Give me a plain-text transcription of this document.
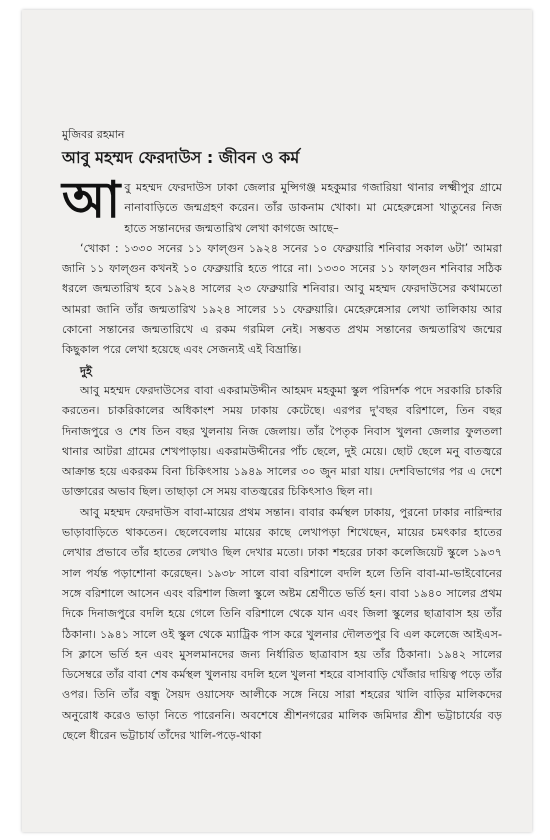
মুজিবর রহমান
আবু মহম্মদ ফেরদাউস : জীবন ও কর্ম

আবু মহম্মদ ফেরদাউস ঢাকা জেলার মুন্সিগঞ্জ মহকুমার গজারিয়া থানার লক্ষ্মীপুর গ্রামে নানাবাড়িতে জন্মগ্রহণ করেন। তাঁর ডাকনাম খোকা। মা মেহেরুন্নেসা খাতুনের নিজ হাতে সন্তানদের জন্মতারিখ লেখা কাগজে আছে–

‘খোকা : ১৩৩০ সনের ১১ ফাল্গুন ১৯২৪ সনের ১০ ফেব্রুয়ারি শনিবার সকাল ৬টা’ আমরা জানি ১১ ফাল্গুন কখনই ১০ ফেব্রুয়ারি হতে পারে না। ১৩৩০ সনের ১১ ফাল্গুন শনিবার সঠিক ধরলে জন্মতারিখ হবে ১৯২৪ সালের ২৩ ফেব্রুয়ারি শনিবার। আবু মহম্মদ ফেরদাউসের কথামতো আমরা জানি তাঁর জন্মতারিখ ১৯২৪ সালের ১১ ফেব্রুয়ারি। মেহেরুন্নেসার লেখা তালিকায় আর কোনো সন্তানের জন্মতারিখে এ রকম গরমিল নেই। সম্ভবত প্রথম সন্তানের জন্মতারিখ জন্মের কিছুকাল পরে লেখা হয়েছে এবং সেজন্যই এই বিভ্রান্তি।

দুই

আবু মহম্মদ ফেরদাউসের বাবা একরামউদ্দীন আহমদ মহকুমা স্কুল পরিদর্শক পদে সরকারি চাকরি করতেন। চাকরিকালের অধিকাংশ সময় ঢাকায় কেটেছে। এরপর দু'বছর বরিশালে, তিন বছর দিনাজপুরে ও শেষ তিন বছর খুলনায় নিজ জেলায়। তাঁর পৈতৃক নিবাস খুলনা জেলার ফুলতলা থানার আটরা গ্রামের শেখপাড়ায়। একরামউদ্দীনের পাঁচ ছেলে, দুই মেয়ে। ছোট ছেলে মনু বাতজ্বরে আক্রান্ত হয়ে একরকম বিনা চিকিৎসায় ১৯৪৯ সালের ৩০ জুন মারা যায়। দেশবিভাগের পর এ দেশে ডাক্তারের অভাব ছিল। তাছাড়া সে সময় বাতজ্বরের চিকিৎসাও ছিল না।

আবু মহম্মদ ফেরদাউস বাবা-মায়ের প্রথম সন্তান। বাবার কর্মস্থল ঢাকায়, পুরনো ঢাকার নারিন্দার ভাড়াবাড়িতে থাকতেন। ছেলেবেলায় মায়ের কাছে লেখাপড়া শিখেছেন, মায়ের চমৎকার হাতের লেখার প্রভাবে তাঁর হাতের লেখাও ছিল দেখার মতো। ঢাকা শহরের ঢাকা কলেজিয়েট স্কুলে ১৯৩৭ সাল পর্যন্ত পড়াশোনা করেছেন। ১৯৩৮ সালে বাবা বরিশালে বদলি হলে তিনি বাবা-মা-ভাইবোনের সঙ্গে বরিশালে আসেন এবং বরিশাল জিলা স্কুলে অষ্টম শ্রেণীতে ভর্তি হন। বাবা ১৯৪০ সালের প্রথম দিকে দিনাজপুরে বদলি হয়ে গেলে তিনি বরিশালে থেকে যান এবং জিলা স্কুলের ছাত্রাবাস হয় তাঁর ঠিকানা। ১৯৪১ সালে ওই স্কুল থেকে ম্যাট্রিক পাস করে খুলনার দৌলতপুর বি এল কলেজে আইএস-সি ক্লাসে ভর্তি হন এবং মুসলমানদের জন্য নির্ধারিত ছাত্রাবাস হয় তাঁর ঠিকানা। ১৯৪২ সালের ডিসেম্বরে তাঁর বাবা শেষ কর্মস্থল খুলনায় বদলি হলে খুলনা শহরে বাসাবাড়ি খোঁজার দায়িত্ব পড়ে তাঁর ওপর। তিনি তাঁর বন্ধু সৈয়দ ওয়াসেফ আলীকে সঙ্গে নিয়ে সারা শহরের খালি বাড়ির মালিকদের অনুরোধ করেও ভাড়া নিতে পারেননি। অবশেষে শ্রীশনগরের মালিক জমিদার শ্রীশ ভট্টাচার্যের বড় ছেলে ধীরেন ভট্টাচার্য তাঁদের খালি-পড়ে-থাকা
